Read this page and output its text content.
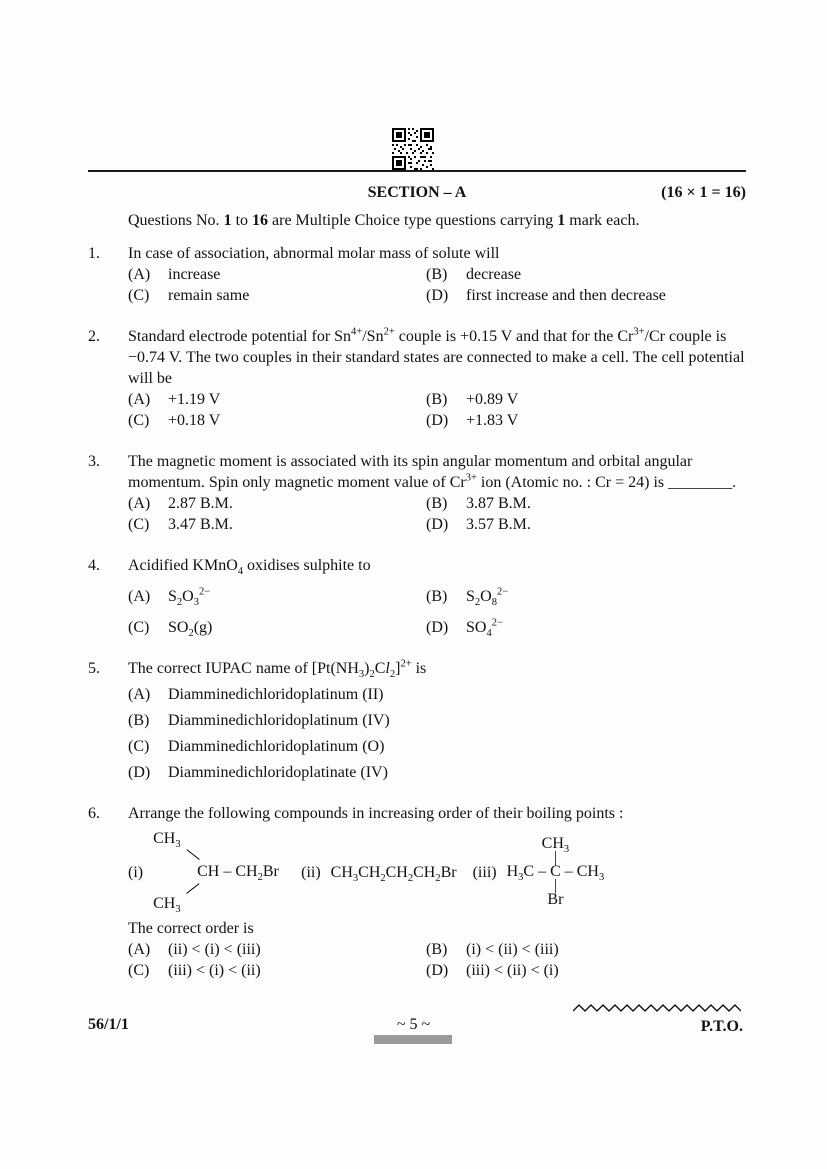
SECTION – A	(16 × 1 = 16)
Questions No. 1 to 16 are Multiple Choice type questions carrying 1 mark each.
1.	In case of association, abnormal molar mass of solute will
(A)	increase	(B)	decrease
(C)	remain same	(D)	first increase and then decrease
2.	Standard electrode potential for $Sn^{4+}/Sn^{2+}$ couple is +0.15 V and that for the $Cr^{3+}/Cr$ couple is −0.74 V. The two couples in their standard states are connected to make a cell. The cell potential will be
(A)	+1.19 V	(B)	+0.89 V
(C)	+0.18 V	(D)	+1.83 V
3.	The magnetic moment is associated with its spin angular momentum and orbital angular momentum. Spin only magnetic moment value of $Cr^{3+}$ ion (Atomic no. : Cr = 24) is ________.
(A)	2.87 B.M.	(B)	3.87 B.M.
(C)	3.47 B.M.	(D)	3.57 B.M.
4.	Acidified KMnO$_4$ oxidises sulphite to
(A)	$S_2O_3^{2-}$	(B)	$S_2O_8^{2-}$
(C)	$SO_2(g)$	(D)	$SO_4^{2-}$
5.	The correct IUPAC name of $[Pt(NH_3)_2Cl_2]^{2+}$ is
(A)	Diamminedichloridoplatinum (II)
(B)	Diamminedichloridoplatinum (IV)
(C)	Diamminedichloridoplatinum (O)
(D)	Diamminedichloridoplatinate (IV)
6.	Arrange the following compounds in increasing order of their boiling points :
(i)
$CH_3$
CH – $CH_2Br$
$CH_3$
(ii) $CH_3CH_2CH_2CH_2Br$ (iii)
$CH_3$
|
$H_3C$ – C – $CH_3$
|
Br
The correct order is
(A)	(ii) < (i) < (iii)	(B)	(i) < (ii) < (iii)
(C)	(iii) < (i) < (ii)	(D)	(iii) < (ii) < (i)
56/1/1	~ 5 ~	P.T.O.
